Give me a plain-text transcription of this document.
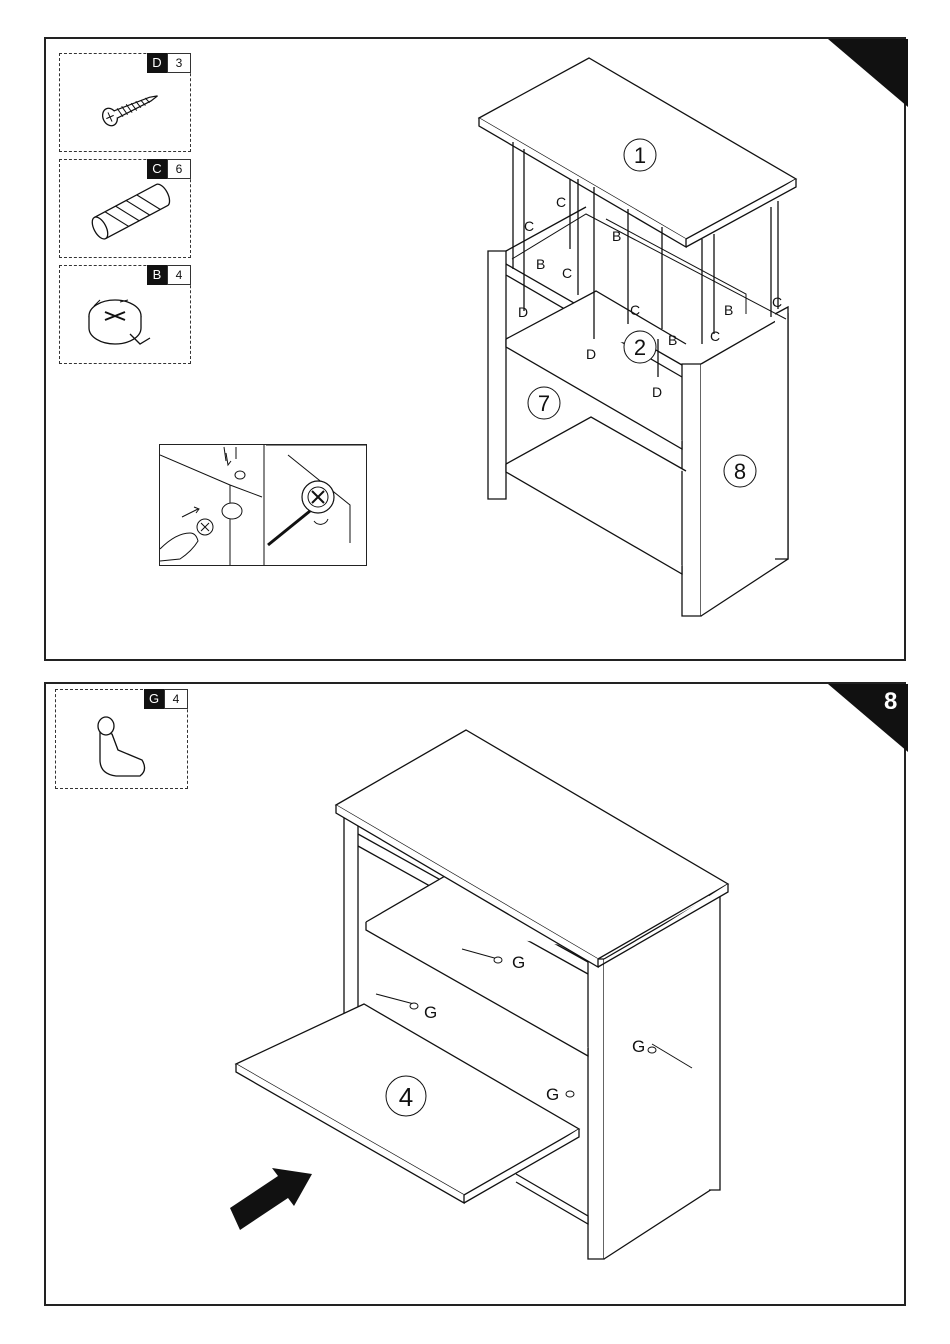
D	3
C	6
B	4
1
2
7
8
C
C
C
C
C
C
B
B
B
B
D
D
D
G	4
G
G
G
G
4
8
